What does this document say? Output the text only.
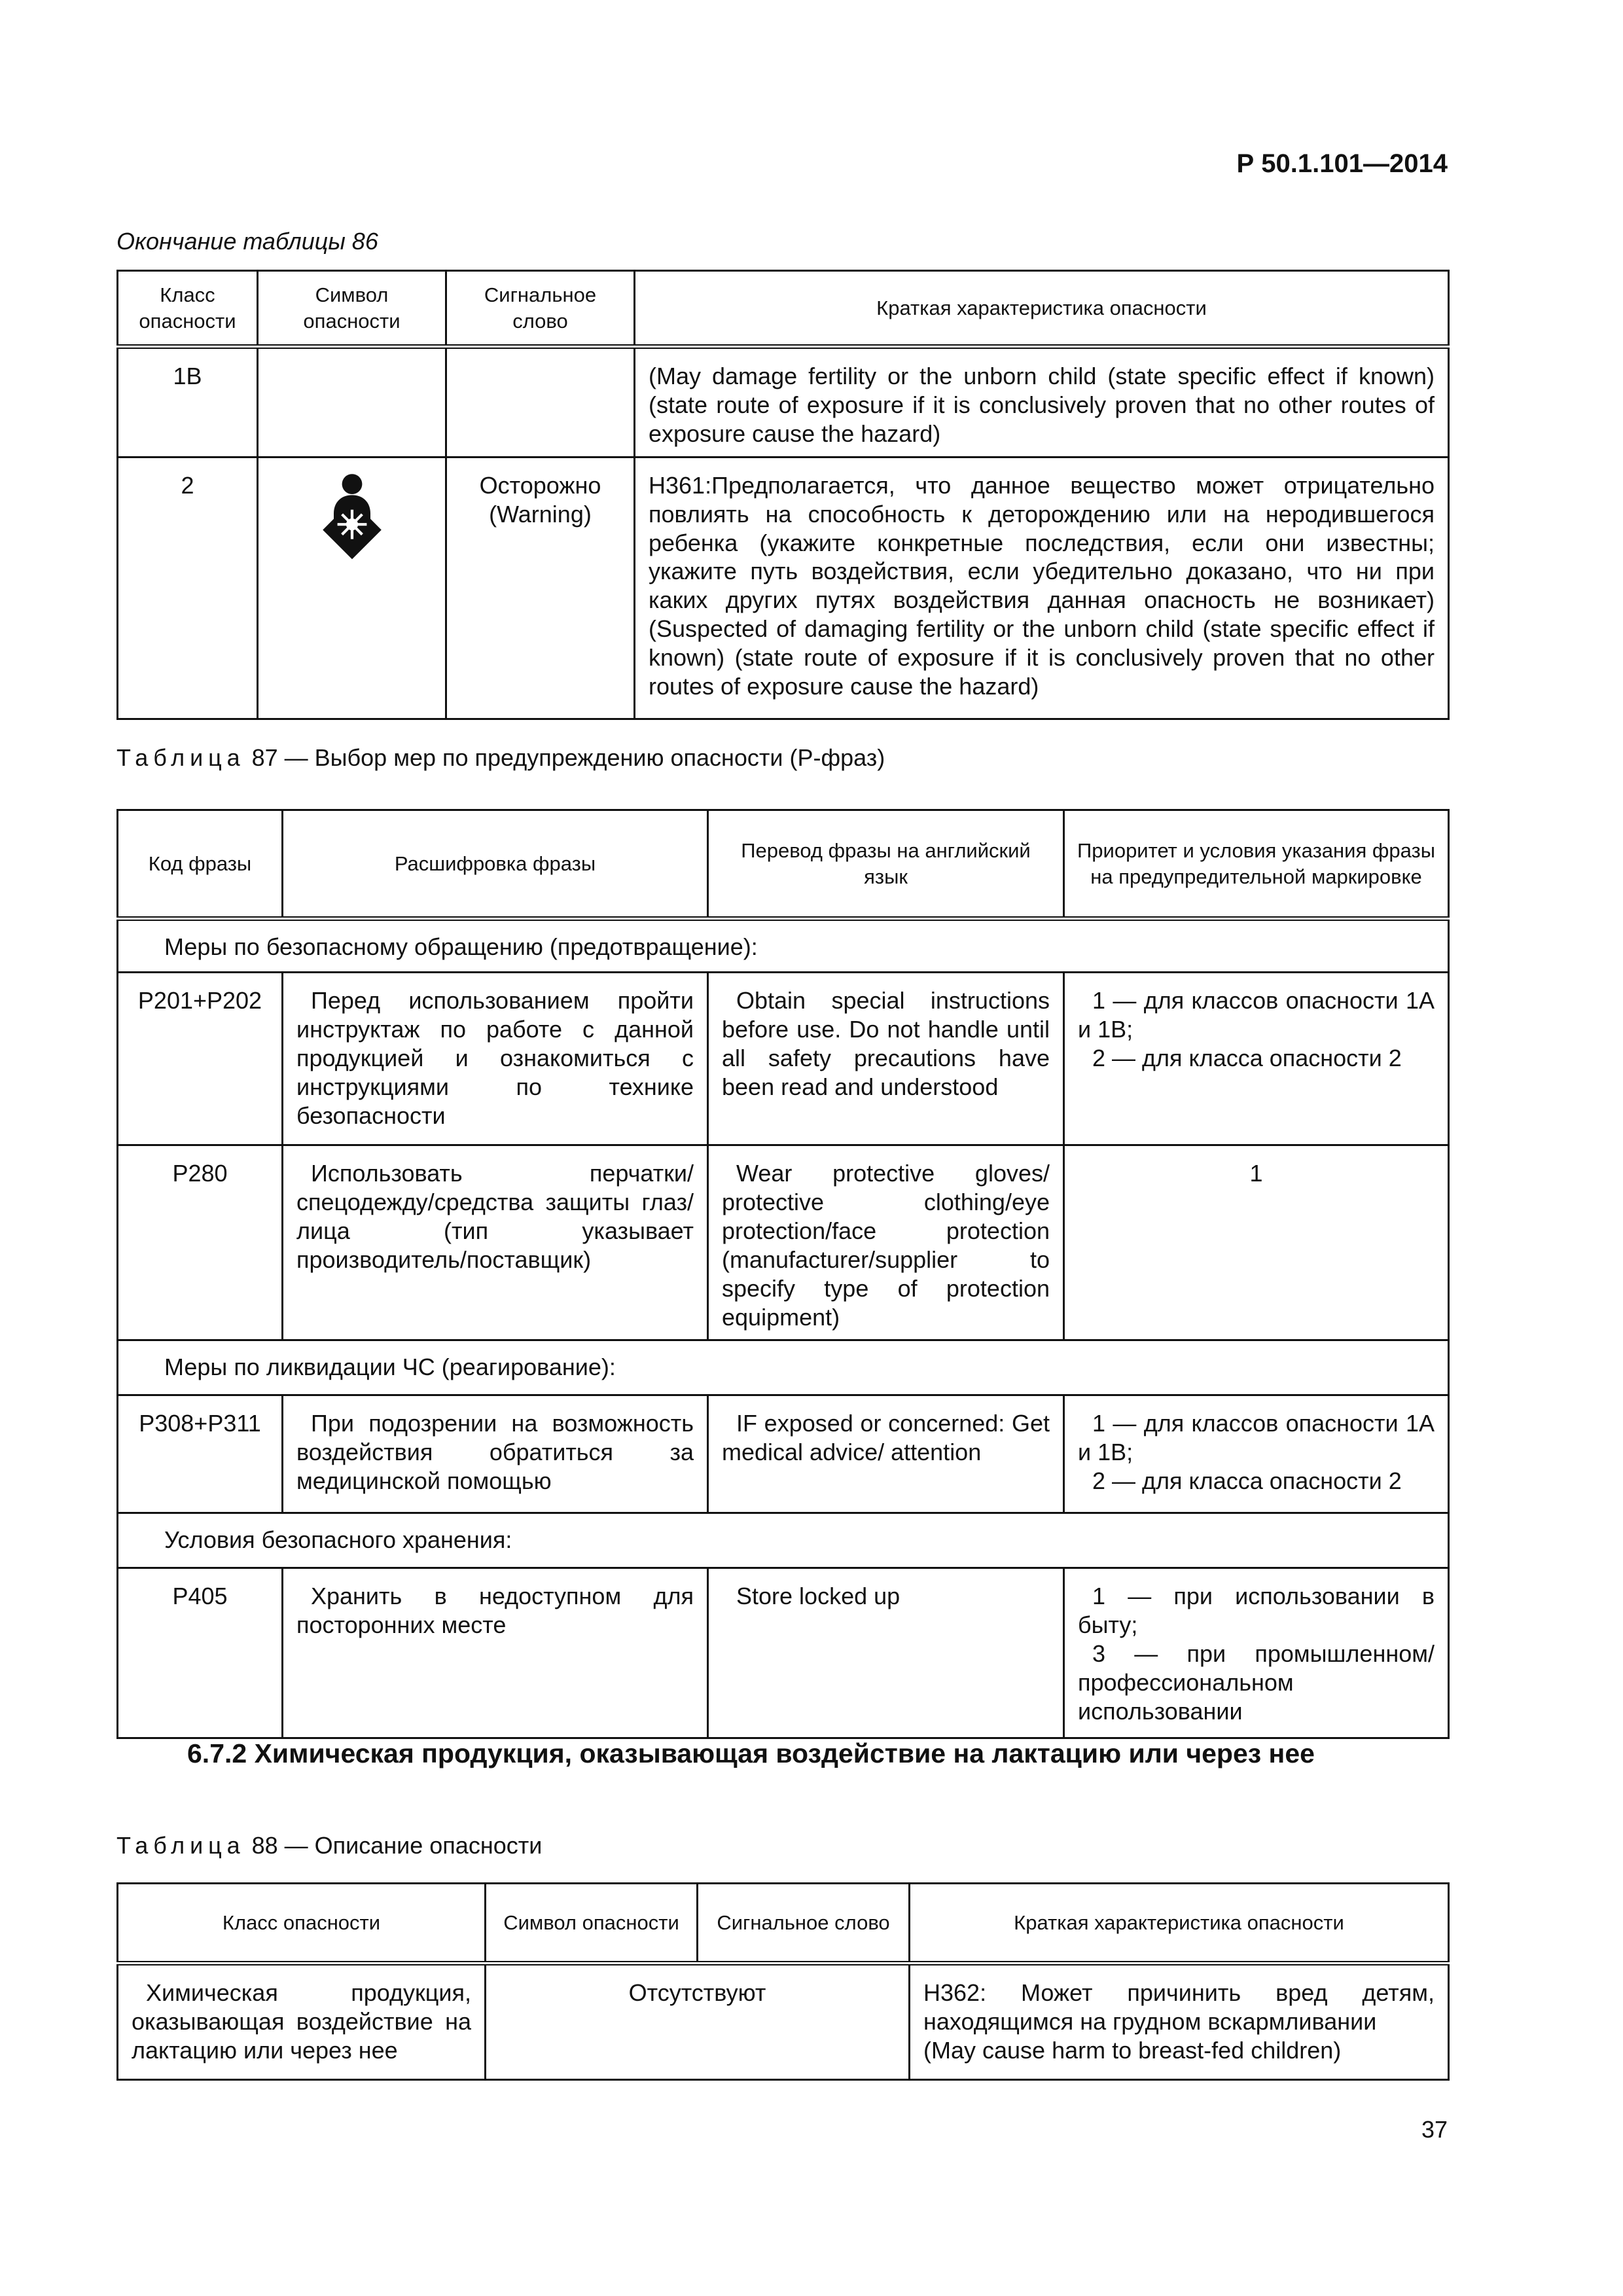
Р 50.1.101—2014
Окончание таблицы 86
Класс опасности	Символ опасности	Сигнальное слово	Краткая характеристика опасности
1B			(May damage fertility or the unborn child (state specific effect if known) (state route of exposure if it is conclusively proven that no other routes of exposure cause the hazard)
2		Осторожно (Warning)	H361:Предполагается, что данное вещество может отрицательно повлиять на способность к деторождению или на неродившегося ребенка (укажите конкретные последствия, если они известны; укажите путь воздействия, если убедительно доказано, что ни при каких других путях воздействия данная опасность не возникает) (Suspected of damaging fertility or the unborn child (state specific effect if known) (state route of exposure if it is conclusively proven that no other routes of exposure cause the hazard)
Таблица 87 — Выбор мер по предупреждению опасности (Р-фраз)
Код фразы	Расшифровка фразы	Перевод фразы на английский язык	Приоритет и условия указания фразы на предупредительной маркировке
Меры по безопасному обращению (предотвращение):			
P201+P202	Перед использованием пройти инструктаж по работе с данной продукцией и ознакомиться с инструкциями по технике безопасности	Obtain special instructions before use. Do not handle until all safety precautions have been read and understood	1 — для классов опасности 1А и 1В;
2 — для класса опасности 2

P280	Использовать перчатки/спецодежду/средства защиты глаз/лица (тип указывает производитель/поставщик)	Wear protective gloves/ protective clothing/eye protection/face protection (manufacturer/supplier to specify type of protection equipment)	1

Меры по ликвидации ЧС (реагирование):			
P308+P311	При подозрении на возможность воздействия обратиться за медицинской помощью	IF exposed or concerned: Get medical advice/ attention	1 — для классов опасности 1А и 1В;
2 — для класса опасности 2

Условия безопасного хранения:			
P405	Хранить в недоступном для посторонних месте	Store locked up	1 — при использовании в быту;
3 — при промышленном/ профессиональном использовании
6.7.2 Химическая продукция, оказывающая воздействие на лактацию или через нее
Таблица 88 — Описание опасности
Класс опасности	Символ опасности	Сигнальное слово	Краткая характеристика опасности
Химическая продукция, оказывающая воздействие на лактацию или через нее	Отсутствуют		H362: Может причинить вред детям, находящимся на грудном вскармливании
(May cause harm to breast-fed children)
37
